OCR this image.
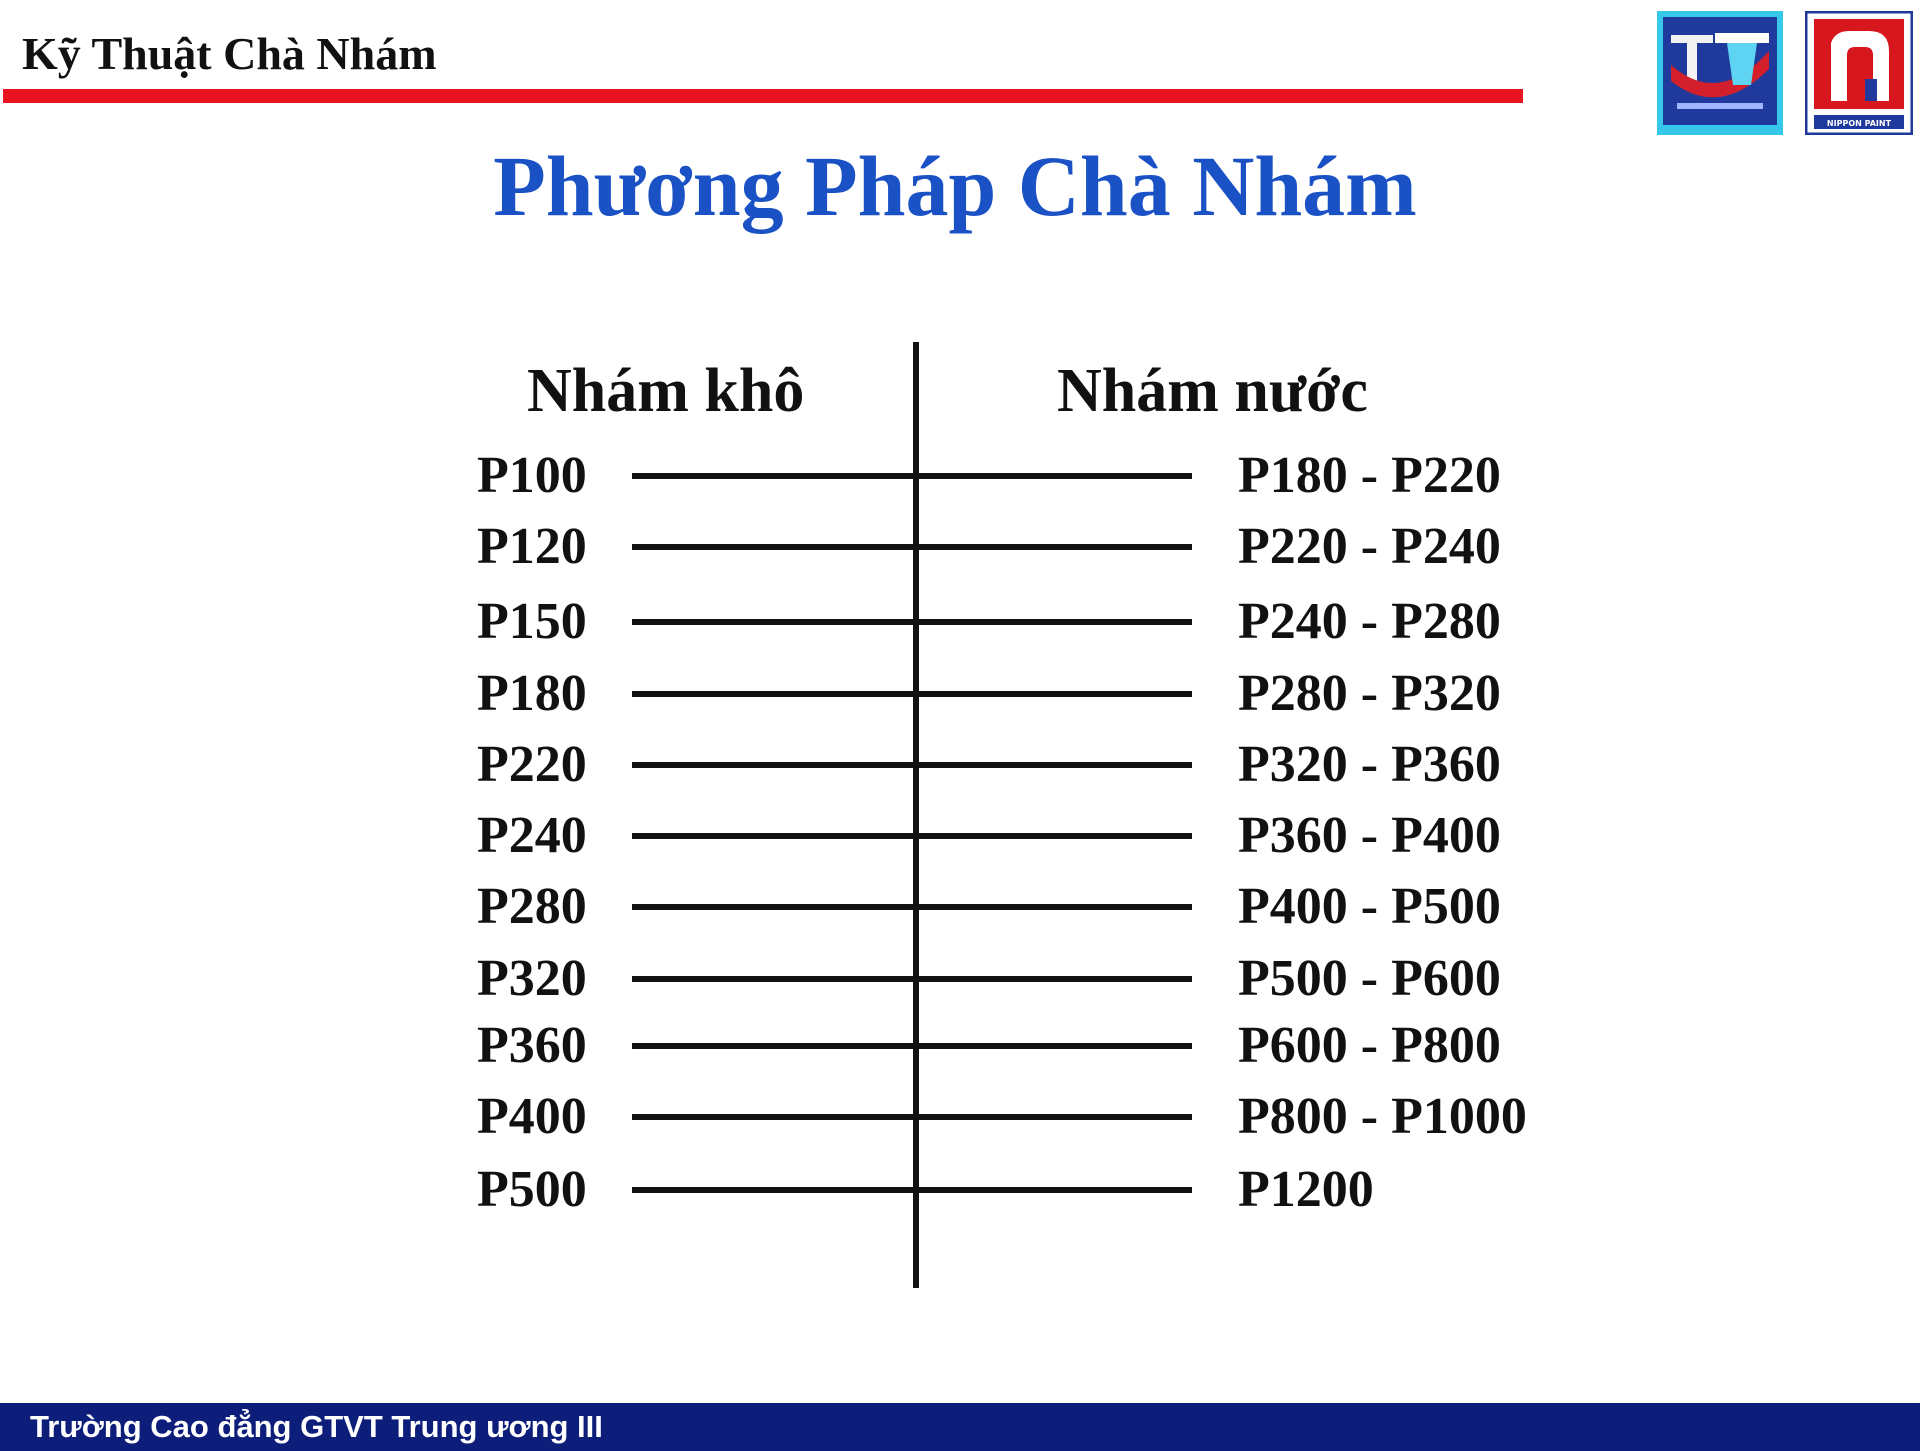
Kỹ Thuật Chà Nhám
NIPPON PAINT
Phương Pháp Chà Nhám
Nhám khô	Nhám nước
P100	P180 - P220
P120	P220 - P240
P150	P240 - P280
P180	P280 - P320
P220	P320 - P360
P240	P360 - P400
P280	P400 - P500
P320	P500 - P600
P360	P600 - P800
P400	P800 - P1000
P500	P1200
Trường Cao đẳng GTVT Trung ương III
